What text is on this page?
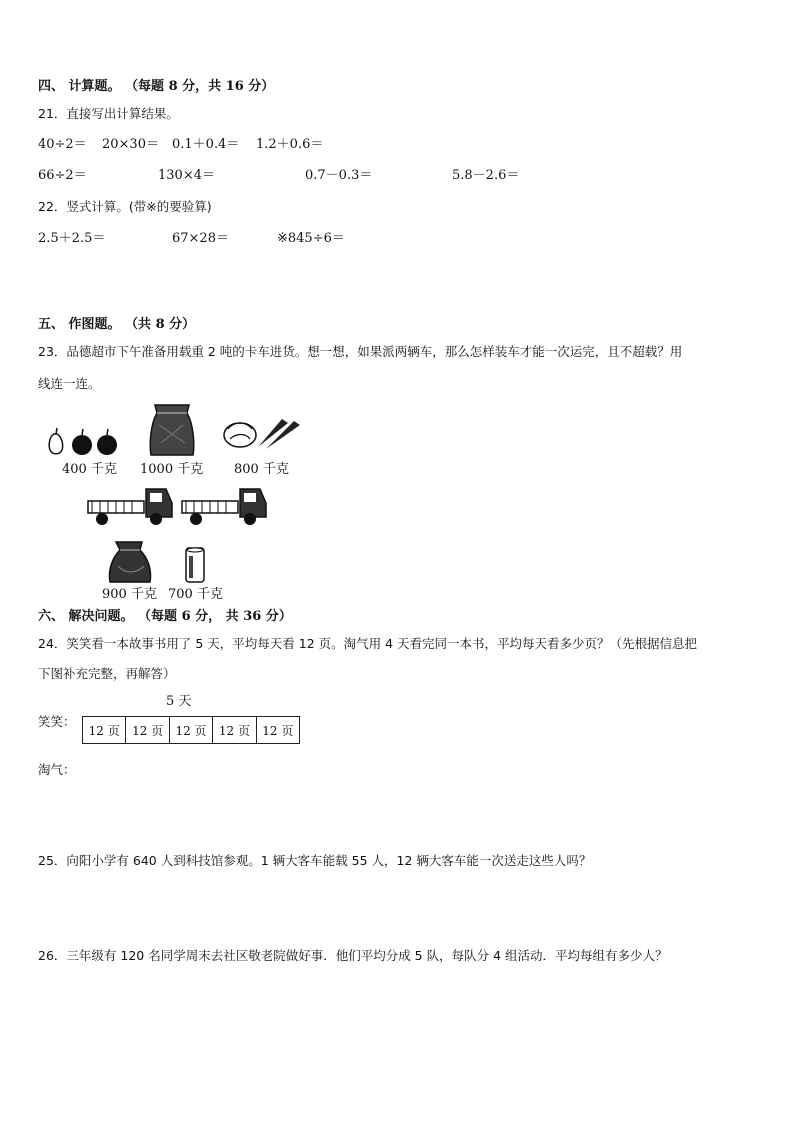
四、 计算题。 （每题 8 分，共 16 分）
21．直接写出计算结果。
40÷2＝ 20×30＝ 0.1＋0.4＝ 1.2＋0.6＝
66÷2＝	130×4＝	0.7－0.3＝	5.8－2.6＝
22．竖式计算。(带※的要验算)
2.5＋2.5＝	67×28＝	※845÷6＝
五、 作图题。 （共 8 分）
23．品德超市下午准备用载重 2 吨的卡车进货。想一想，如果派两辆车，那么怎样装车才能一次运完，且不超载？用
线连一连。
400 千克 1000 千克 800 千克
900 千克 700 千克
六、 解决问题。 （每题 6 分， 共 36 分）
24．笑笑看一本故事书用了 5 天，平均每天看 12 页。淘气用 4 天看完同一本书，平均每天看多少页？（先根据信息把
下图补充完整，再解答）
5 天
笑笑：
12 页	12 页	12 页	12 页	12 页
淘气：
25．向阳小学有 640 人到科技馆参观。1 辆大客车能载 55 人，12 辆大客车能一次送走这些人吗？
26．三年级有 120 名同学周末去社区敬老院做好事．他们平均分成 5 队，每队分 4 组活动．平均每组有多少人？
